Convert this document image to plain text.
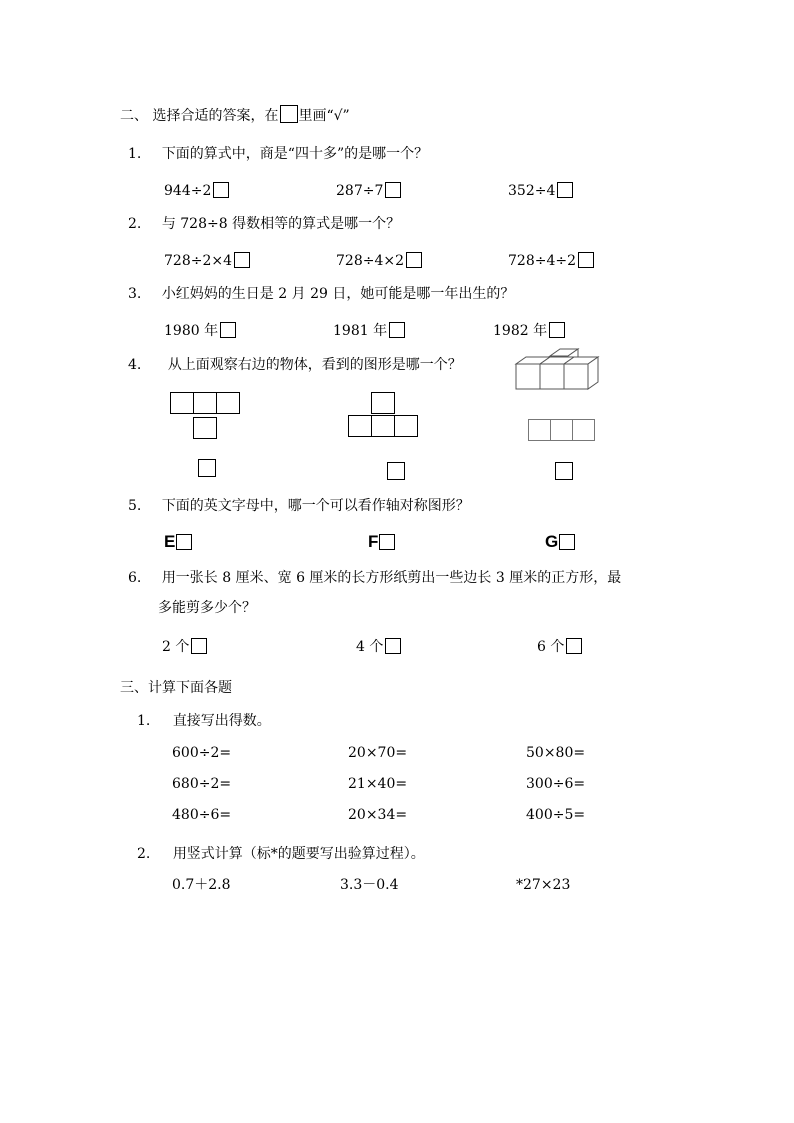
二、 选择合适的答案，在 里画“√”
1. 下面的算式中，商是“四十多”的是哪一个？
944÷2	287÷7	352÷4
2. 与 728÷8 得数相等的算式是哪一个？
728÷2×4	728÷4×2	728÷4÷2
3. 小红妈妈的生日是 2 月 29 日，她可能是哪一年出生的？
1980 年	1981 年	1982 年
4. 从上面观察右边的物体，看到的图形是哪一个？
5. 下面的英文字母中，哪一个可以看作轴对称图形？
E	F	G
6. 用一张长 8 厘米、宽 6 厘米的长方形纸剪出一些边长 3 厘米的正方形，最
多能剪多少个？
2 个	4 个	6 个
三、计算下面各题
1. 直接写出得数。
600÷2=	20×70=	50×80=
680÷2=	21×40=	300÷6=
480÷6=	20×34=	400÷5=
2. 用竖式计算（标*的题要写出验算过程）。
0.7＋2.8	3.3－0.4	*27×23
